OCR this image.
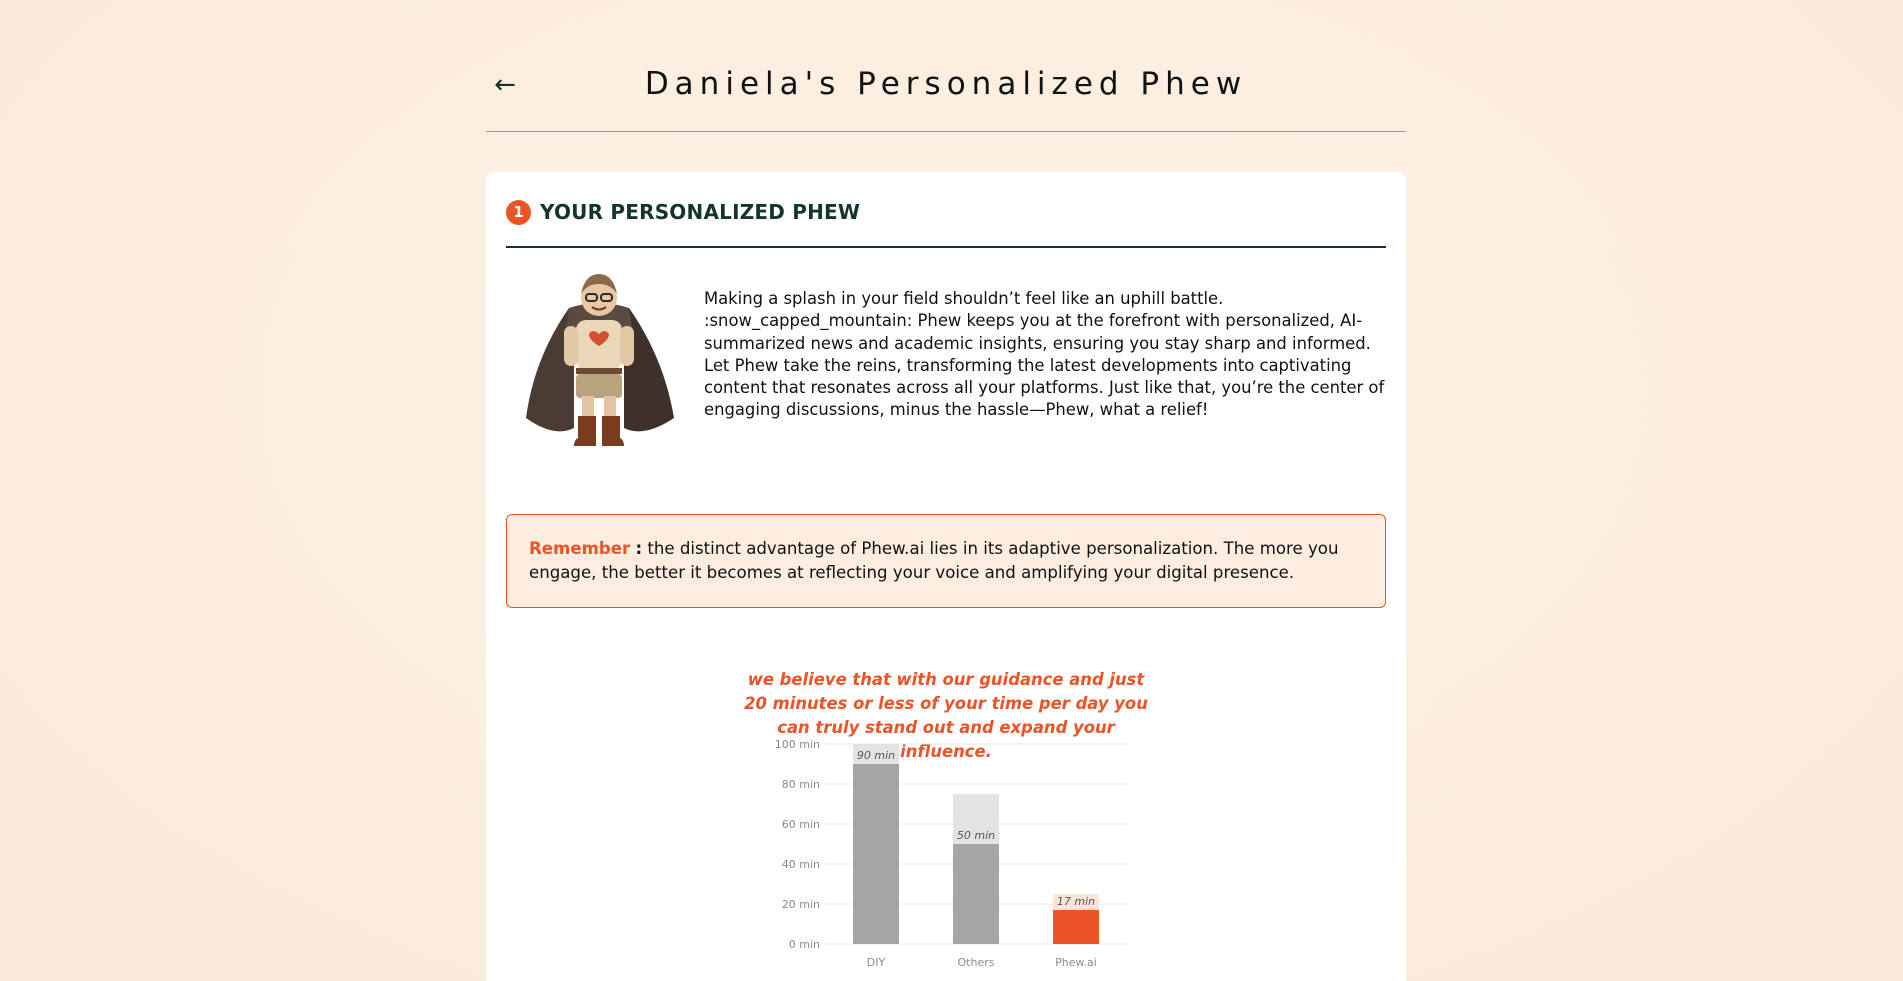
←	Daniela's Personalized Phew
1 YOUR PERSONALIZED PHEW
Making a splash in your field shouldn’t feel like an uphill battle. :snow_capped_mountain: Phew keeps you at the forefront with personalized, AI-summarized news and academic insights, ensuring you stay sharp and informed. Let Phew take the reins, transforming the latest developments into captivating content that resonates across all your platforms. Just like that, you’re the center of engaging discussions, minus the hassle—Phew, what a relief!
Remember : the distinct advantage of Phew.ai lies in its adaptive personalization. The more you engage, the better it becomes at reflecting your voice and amplifying your digital presence.
we believe that with our guidance and just 20 minutes or less of your time per day you can truly stand out and expand your influence.
0 min
20 min
40 min
60 min
80 min
100 min
90 min
DIY
50 min
Others
17 min
Phew.ai
